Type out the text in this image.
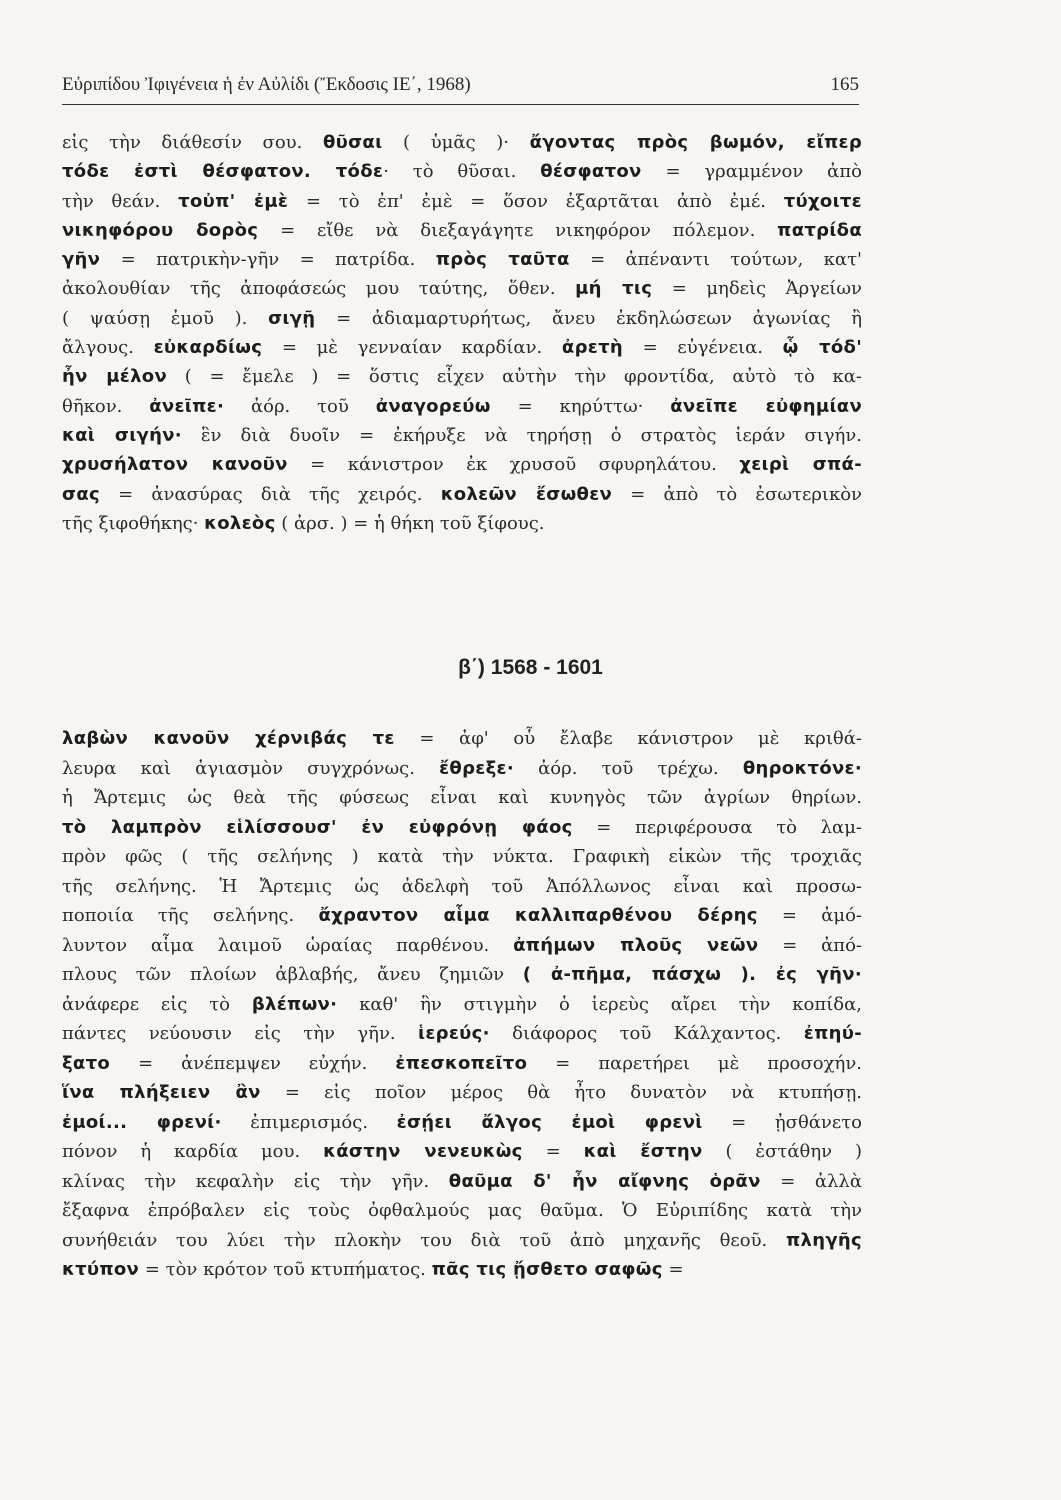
Εὐριπίδου Ἰφιγένεια ἡ ἐν Αὐλίδι (Ἔκδοσις ΙΕ΄, 1968)	165
εἰς τὴν διάθεσίν σου. θῦσαι ( ὑμᾶς )· ἄγοντας πρὸς βωμόν, εἴπερ
τόδε ἐστὶ θέσφατον. τόδε· τὸ θῦσαι. θέσφατον = γραμμένον ἀπὸ
τὴν θεάν. τοὐπ' ἐμὲ = τὸ ἐπ' ἐμὲ = ὅσον ἐξαρτᾶται ἀπὸ ἐμέ. τύχοιτε
νικηφόρου δορὸς = εἴθε νὰ διεξαγάγητε νικηφόρον πόλεμον. πατρίδα
γῆν = πατρικὴν-γῆν = πατρίδα. πρὸς ταῦτα = ἀπέναντι τούτων, κατ'
ἀκολουθίαν τῆς ἀποφάσεώς μου ταύτης, ὅθεν. μή τις = μηδεὶς Ἀργείων
( ψαύσῃ ἐμοῦ ). σιγῇ = ἀδιαμαρτυρήτως, ἄνευ ἐκδηλώσεων ἀγωνίας ἢ
ἄλγους. εὐκαρδίως = μὲ γενναίαν καρδίαν. ἀρετὴ = εὐγένεια. ᾧ τόδ'
ἦν μέλον ( = ἔμελε ) = ὅστις εἶχεν αὐτὴν τὴν φροντίδα, αὐτὸ τὸ κα-
θῆκον. ἀνεῖπε· ἀόρ. τοῦ ἀναγορεύω = κηρύττω· ἀνεῖπε εὐφημίαν
καὶ σιγήν· ἓν διὰ δυοῖν = ἐκήρυξε νὰ τηρήσῃ ὁ στρατὸς ἱεράν σιγήν.
χρυσήλατον κανοῦν = κάνιστρον ἐκ χρυσοῦ σφυρηλάτου. χειρὶ σπά-
σας = ἀνασύρας διὰ τῆς χειρός. κολεῶν ἔσωθεν = ἀπὸ τὸ ἐσωτερικὸν
τῆς ξιφοθήκης· κολεὸς ( ἀρσ. ) = ἡ θήκη τοῦ ξίφους.
β΄) 1568 - 1601
λαβὼν κανοῦν χέρνιβάς τε = ἀφ' οὗ ἔλαβε κάνιστρον μὲ κριθά-
λευρα καὶ ἁγιασμὸν συγχρόνως. ἔθρεξε· ἀόρ. τοῦ τρέχω. θηροκτόνε·
ἡ Ἄρτεμις ὡς θεὰ τῆς φύσεως εἶναι καὶ κυνηγὸς τῶν ἀγρίων θηρίων.
τὸ λαμπρὸν εἱλίσσουσ' ἐν εὐφρόνῃ φάος = περιφέρουσα τὸ λαμ-
πρὸν φῶς ( τῆς σελήνης ) κατὰ τὴν νύκτα. Γραφικὴ εἰκὼν τῆς τροχιᾶς
τῆς σελήνης. Ἡ Ἄρτεμις ὡς ἀδελφὴ τοῦ Ἀπόλλωνος εἶναι καὶ προσω-
ποποιία τῆς σελήνης. ἄχραντον αἷμα καλλιπαρθένου δέρης = ἀμό-
λυντον αἷμα λαιμοῦ ὡραίας παρθένου. ἀπήμων πλοῦς νεῶν = ἀπό-
πλους τῶν πλοίων ἀβλαβής, ἄνευ ζημιῶν ( ἀ-πῆμα, πάσχω ). ἐς γῆν·
ἀνάφερε εἰς τὸ βλέπων· καθ' ἣν στιγμὴν ὁ ἱερεὺς αἴρει τὴν κοπίδα,
πάντες νεύουσιν εἰς τὴν γῆν. ἱερεύς· διάφορος τοῦ Κάλχαντος. ἐπηύ-
ξατο = ἀνέπεμψεν εὐχήν. ἐπεσκοπεῖτο = παρετήρει μὲ προσοχήν.
ἵνα πλήξειεν ἂν = εἰς ποῖον μέρος θὰ ἦτο δυνατὸν νὰ κτυπήσῃ.
ἐμοί... φρενί· ἐπιμερισμός. ἐσῄει ἄλγος ἐμοὶ φρενὶ = ᾐσθάνετο
πόνον ἡ καρδία μου. κάστην νενευκὼς = καὶ ἔστην ( ἐστάθην )
κλίνας τὴν κεφαλὴν εἰς τὴν γῆν. θαῦμα δ' ἦν αἴφνης ὁρᾶν = ἀλλὰ
ἔξαφνα ἐπρόβαλεν εἰς τοὺς ὀφθαλμούς μας θαῦμα. Ὁ Εὐριπίδης κατὰ τὴν
συνήθειάν του λύει τὴν πλοκὴν του διὰ τοῦ ἀπὸ μηχανῆς θεοῦ. πληγῆς
κτύπον = τὸν κρότον τοῦ κτυπήματος. πᾶς τις ᾔσθετο σαφῶς =
